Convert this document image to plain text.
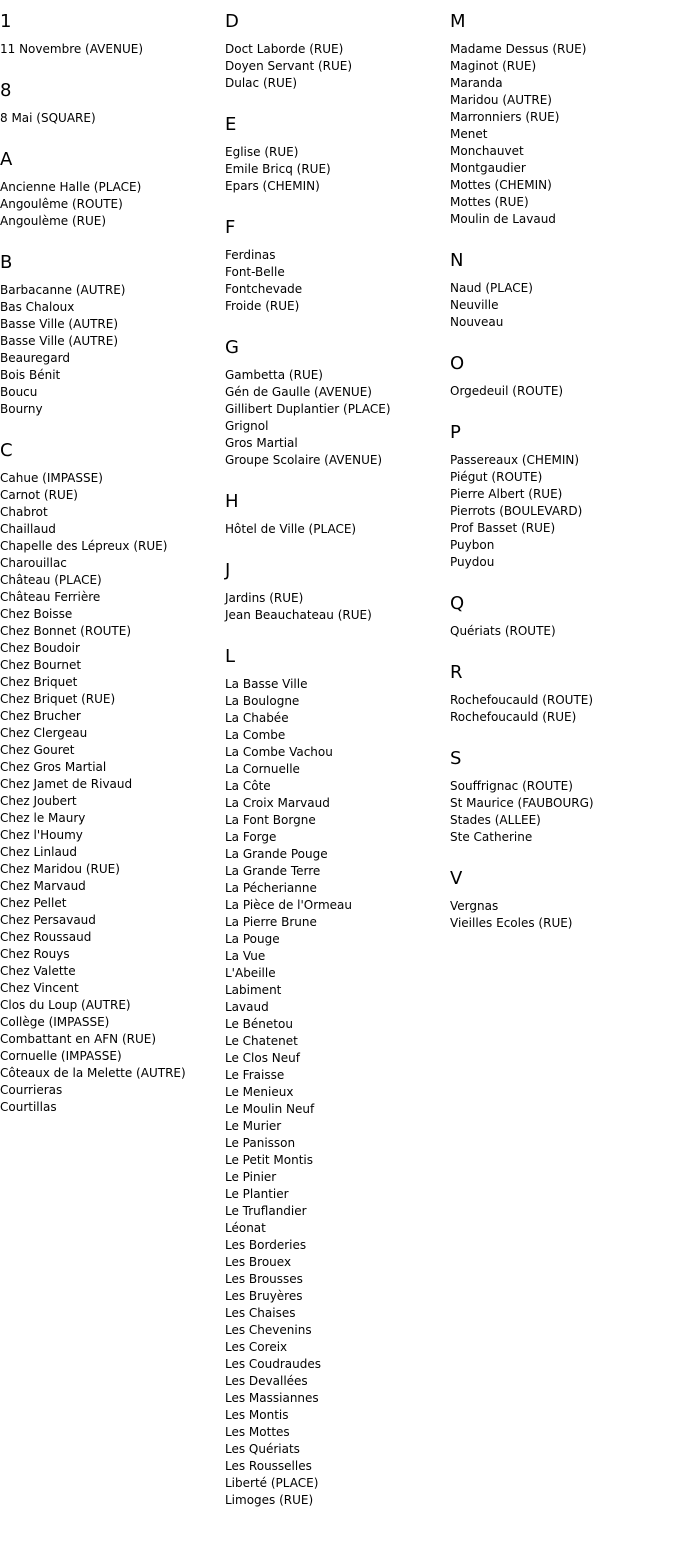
1
11 Novembre (AVENUE)
8
8 Mai (SQUARE)
A
Ancienne Halle (PLACE)
Angoulême (ROUTE)
Angoulème (RUE)
B
Barbacanne (AUTRE)
Bas Chaloux
Basse Ville (AUTRE)
Basse Ville (AUTRE)
Beauregard
Bois Bénit
Boucu
Bourny
C
Cahue (IMPASSE)
Carnot (RUE)
Chabrot
Chaillaud
Chapelle des Lépreux (RUE)
Charouillac
Château (PLACE)
Château Ferrière
Chez Boisse
Chez Bonnet (ROUTE)
Chez Boudoir
Chez Bournet
Chez Briquet
Chez Briquet (RUE)
Chez Brucher
Chez Clergeau
Chez Gouret
Chez Gros Martial
Chez Jamet de Rivaud
Chez Joubert
Chez le Maury
Chez l'Houmy
Chez Linlaud
Chez Maridou (RUE)
Chez Marvaud
Chez Pellet
Chez Persavaud
Chez Roussaud
Chez Rouys
Chez Valette
Chez Vincent
Clos du Loup (AUTRE)
Collège (IMPASSE)
Combattant en AFN (RUE)
Cornuelle (IMPASSE)
Côteaux de la Melette (AUTRE)
Courrieras
Courtillas
D
Doct Laborde (RUE)
Doyen Servant (RUE)
Dulac (RUE)
E
Eglise (RUE)
Emile Bricq (RUE)
Epars (CHEMIN)
F
Ferdinas
Font-Belle
Fontchevade
Froide (RUE)
G
Gambetta (RUE)
Gén de Gaulle (AVENUE)
Gillibert Duplantier (PLACE)
Grignol
Gros Martial
Groupe Scolaire (AVENUE)
H
Hôtel de Ville (PLACE)
J
Jardins (RUE)
Jean Beauchateau (RUE)
L
La Basse Ville
La Boulogne
La Chabée
La Combe
La Combe Vachou
La Cornuelle
La Côte
La Croix Marvaud
La Font Borgne
La Forge
La Grande Pouge
La Grande Terre
La Pécherianne
La Pièce de l'Ormeau
La Pierre Brune
La Pouge
La Vue
L'Abeille
Labiment
Lavaud
Le Bénetou
Le Chatenet
Le Clos Neuf
Le Fraisse
Le Menieux
Le Moulin Neuf
Le Murier
Le Panisson
Le Petit Montis
Le Pinier
Le Plantier
Le Truflandier
Léonat
Les Borderies
Les Brouex
Les Brousses
Les Bruyères
Les Chaises
Les Chevenins
Les Coreix
Les Coudraudes
Les Devallées
Les Massiannes
Les Montis
Les Mottes
Les Quériats
Les Rousselles
Liberté (PLACE)
Limoges (RUE)
M
Madame Dessus (RUE)
Maginot (RUE)
Maranda
Maridou (AUTRE)
Marronniers (RUE)
Menet
Monchauvet
Montgaudier
Mottes (CHEMIN)
Mottes (RUE)
Moulin de Lavaud
N
Naud (PLACE)
Neuville
Nouveau
O
Orgedeuil (ROUTE)
P
Passereaux (CHEMIN)
Piégut (ROUTE)
Pierre Albert (RUE)
Pierrots (BOULEVARD)
Prof Basset (RUE)
Puybon
Puydou
Q
Quériats (ROUTE)
R
Rochefoucauld (ROUTE)
Rochefoucauld (RUE)
S
Souffrignac (ROUTE)
St Maurice (FAUBOURG)
Stades (ALLEE)
Ste Catherine
V
Vergnas
Vieilles Ecoles (RUE)
